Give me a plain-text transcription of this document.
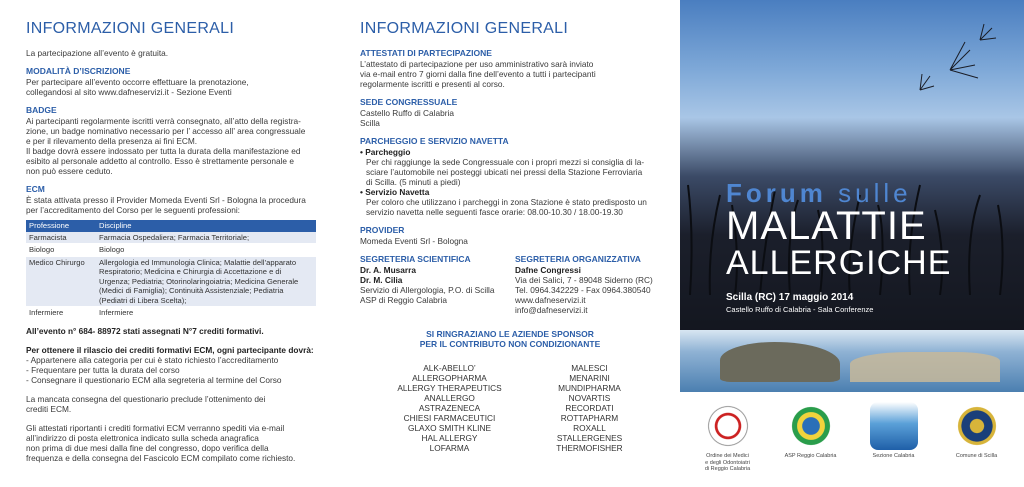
INFORMAZIONI GENERALI
La partecipazione all’evento è gratuita.
MODALITÀ D’ISCRIZIONE
Per partecipare all’evento occorre effettuare la prenotazione,
collegandosi al sito www.dafneservizi.it - Sezione Eventi
BADGE
Ai partecipanti regolarmente iscritti verrà consegnato, all’atto della registra-
zione, un badge nominativo necessario per l’ accesso all’ area congressuale
e per il rilevamento della presenza ai fini ECM.
Il badge dovrà essere indossato per tutta la durata della manifestazione ed
esibito al personale addetto al controllo. Esso è strettamente personale e
non può essere ceduto.
ECM
È stata attivata presso il Provider Momeda Eventi Srl - Bologna la procedura
per l’accreditamento del Corso per le seguenti professioni:
Professione	Discipline
Farmacista	Farmacia Ospedaliera; Farmacia Territoriale;
Biologo	Biologo
Medico Chirurgo	Allergologia ed Immunologia Clinica; Malattie dell’apparato Respiratorio; Medicina e Chirurgia di Accettazione e di Urgenza; Pediatria; Otorinolaringoiatria; Medicina Generale (Medici di Famiglia); Continuità Assistenziale; Pediatria (Pediatri di Libera Scelta);
Infermiere	Infermiere
All’evento n° 684- 88972 stati assegnati N°7 crediti formativi.
Per ottenere il rilascio dei crediti formativi ECM, ogni partecipante dovrà:
- Appartenere alla categoria per cui è stato richiesto l’accreditamento
- Frequentare per tutta la durata del corso
- Consegnare il questionario ECM alla segreteria al termine del Corso
La mancata consegna del questionario preclude l’ottenimento dei
crediti ECM.
Gli attestati riportanti i crediti formativi ECM verranno spediti via e-mail
all’indirizzo di posta elettronica indicato sulla scheda anagrafica
non prima di due mesi dalla fine del congresso, dopo verifica della
frequenza e della consegna del Fascicolo ECM compilato come richiesto.
INFORMAZIONI GENERALI
ATTESTATI DI PARTECIPAZIONE
L’attestato di partecipazione per uso amministrativo sarà inviato
via e-mail entro 7 giorni dalla fine dell’evento a tutti i partecipanti
regolarmente iscritti e presenti al corso.
SEDE CONGRESSUALE
Castello Ruffo di Calabria
Scilla
PARCHEGGIO E SERVIZIO NAVETTA
• Parcheggio
Per chi raggiunge la sede Congressuale con i propri mezzi si consiglia di la-
sciare l’automobile nei posteggi ubicati nei pressi della Stazione Ferroviaria
di Scilla. (5 minuti a piedi)
• Servizio Navetta
Per coloro che utilizzano i parcheggi in zona Stazione è stato predisposto un
servizio navetta nelle seguenti fasce orarie: 08.00-10.30 / 18.00-19.30
PROVIDER
Momeda Eventi Srl - Bologna
SEGRETERIA SCIENTIFICA
Dr. A. Musarra
Dr. M. Cilia
Servizio di Allergologia, P.O. di Scilla
ASP di Reggio Calabria
SEGRETERIA ORGANIZZATIVA
Dafne Congressi
Via dei Salici, 7 - 89048 Siderno (RC)
Tel. 0964.342229 - Fax 0964.380540
www.dafneservizi.it
info@dafneservizi.it
SI RINGRAZIANO LE AZIENDE SPONSOR
PER IL CONTRIBUTO NON CONDIZIONANTE
ALK-ABELLO’
ALLERGOPHARMA
ALLERGY THERAPEUTICS
ANALLERGO
ASTRAZENECA
CHIESI FARMACEUTICI
GLAXO SMITH KLINE
HAL ALLERGY
LOFARMA
MALESCI
MENARINI
MUNDIPHARMA
NOVARTIS
RECORDATI
ROTTAPHARM
ROXALL
STALLERGENES
THERMOFISHER
Forum sulle
MALATTIE
ALLERGICHE
Scilla (RC) 17 maggio 2014
Castello Ruffo di Calabria - Sala Conferenze
Ordine dei Medici
e degli Odontoiatri
di Reggio Calabria
ASP Reggio Calabria	Sezione Calabria	Comune di Scilla
